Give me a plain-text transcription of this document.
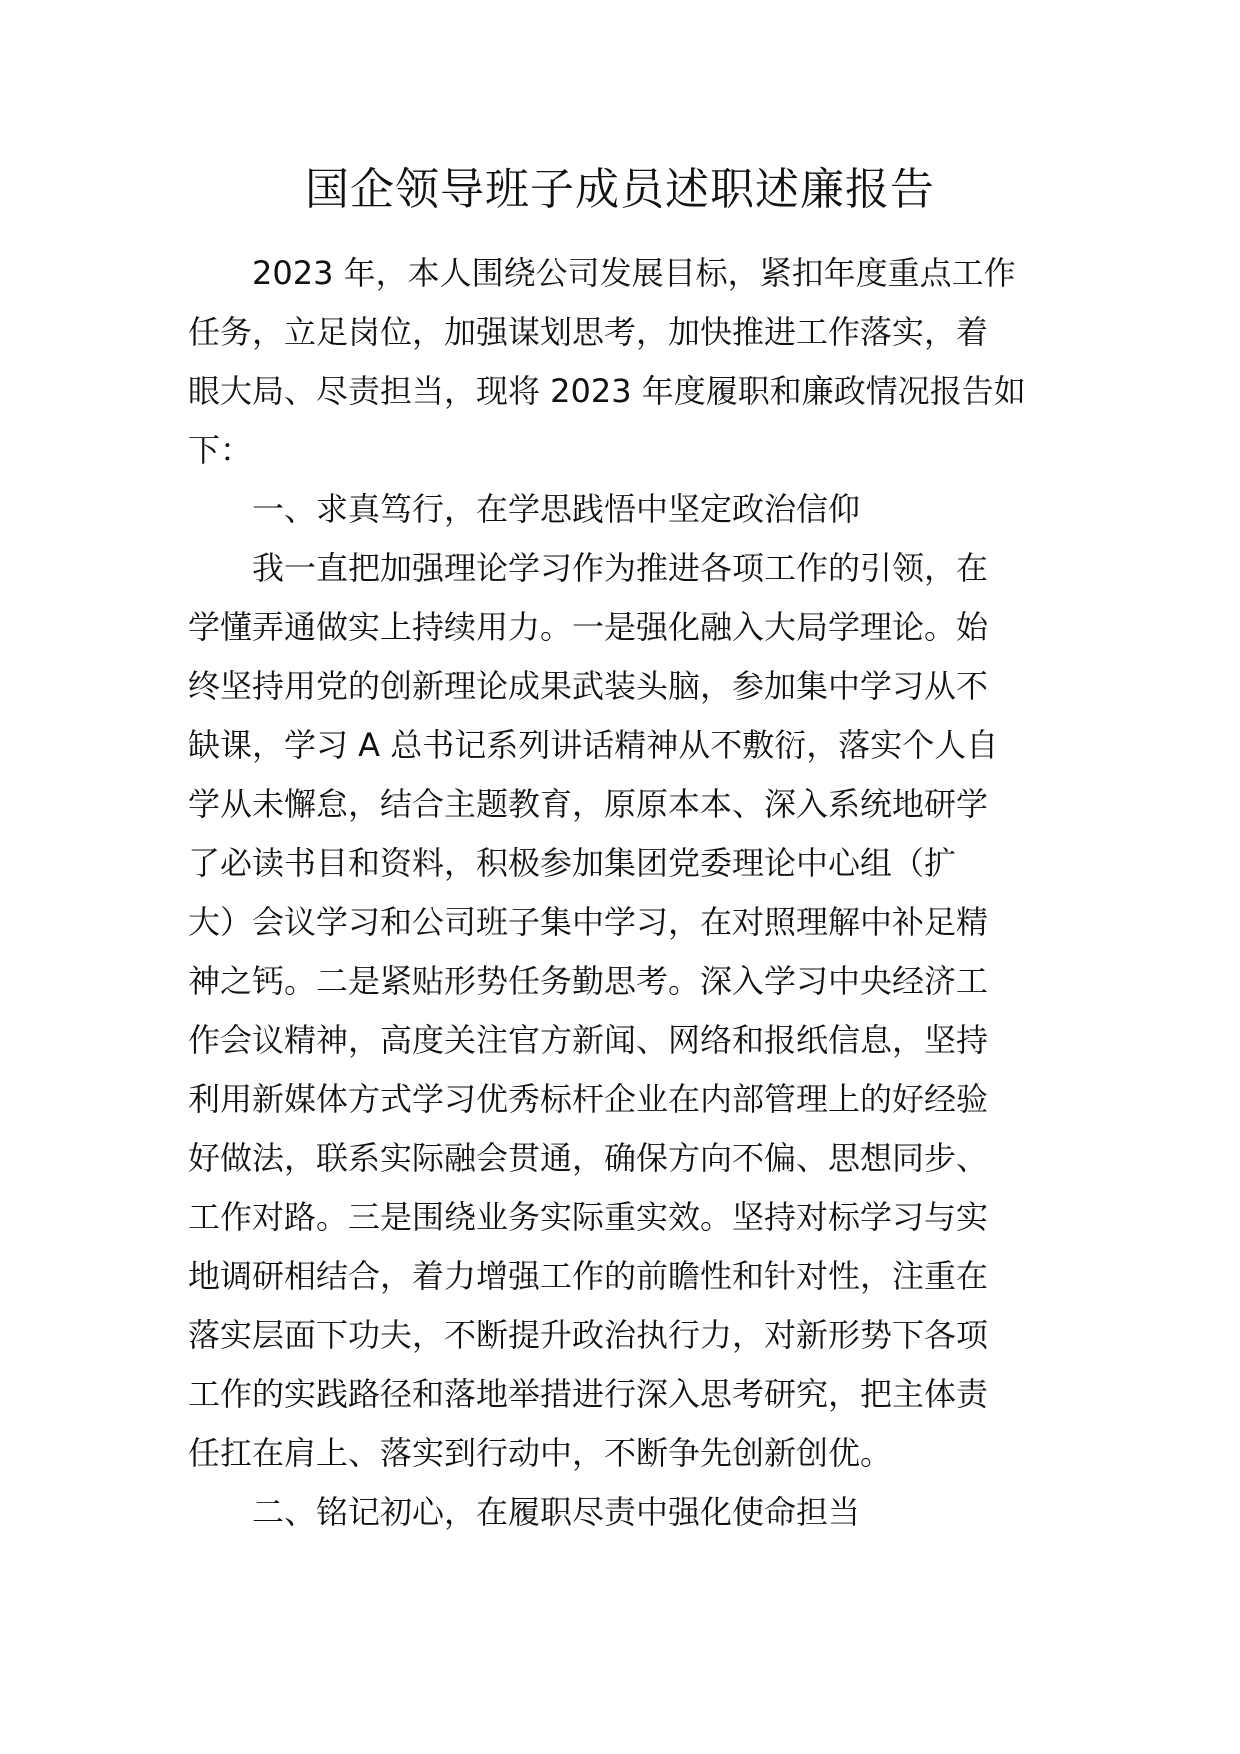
国企领导班子成员述职述廉报告
2023 年，本人围绕公司发展目标，紧扣年度重点工作
任务，立足岗位，加强谋划思考，加快推进工作落实，着
眼大局、尽责担当，现将 2023 年度履职和廉政情况报告如
下：
一、求真笃行，在学思践悟中坚定政治信仰
我一直把加强理论学习作为推进各项工作的引领，在
学懂弄通做实上持续用力。一是强化融入大局学理论。始
终坚持用党的创新理论成果武装头脑，参加集中学习从不
缺课，学习 A 总书记系列讲话精神从不敷衍，落实个人自
学从未懈怠，结合主题教育，原原本本、深入系统地研学
了必读书目和资料，积极参加集团党委理论中心组（扩
大）会议学习和公司班子集中学习，在对照理解中补足精
神之钙。二是紧贴形势任务勤思考。深入学习中央经济工
作会议精神，高度关注官方新闻、网络和报纸信息，坚持
利用新媒体方式学习优秀标杆企业在内部管理上的好经验
好做法，联系实际融会贯通，确保方向不偏、思想同步、
工作对路。三是围绕业务实际重实效。坚持对标学习与实
地调研相结合，着力增强工作的前瞻性和针对性，注重在
落实层面下功夫，不断提升政治执行力，对新形势下各项
工作的实践路径和落地举措进行深入思考研究，把主体责
任扛在肩上、落实到行动中，不断争先创新创优。
二、铭记初心，在履职尽责中强化使命担当
